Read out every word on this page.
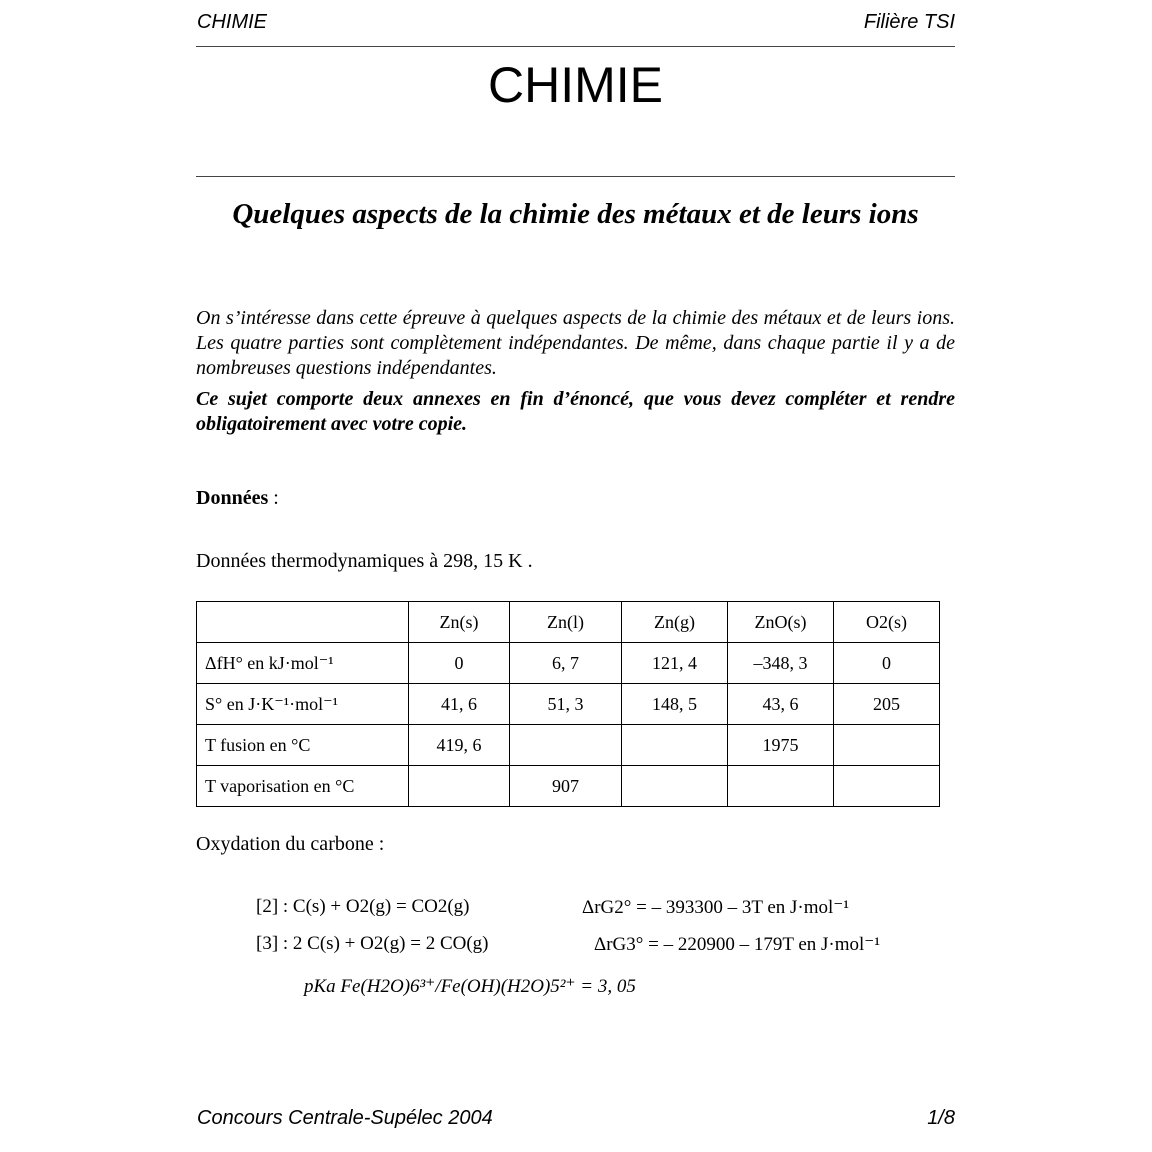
CHIMIE	Filière TSI
CHIMIE
Quelques aspects de la chimie des métaux et de leurs ions

On s’intéresse dans cette épreuve à quelques aspects de la chimie des métaux et de leurs ions. Les quatre parties sont complètement indépendantes. De même, dans chaque partie il y a de nombreuses questions indépendantes.

Ce sujet comporte deux annexes en fin d’énoncé, que vous devez compléter et rendre obligatoirement avec votre copie.
Données :
Données thermodynamiques à 298, 15 K .
	Zn(s)	Zn(l)	Zn(g)	ZnO(s)	O2(s)
ΔfH° en kJ·mol⁻¹	0	6, 7	121, 4	–348, 3	0
S° en J·K⁻¹·mol⁻¹	41, 6	51, 3	148, 5	43, 6	205
T fusion en °C	419, 6			1975	
T vaporisation en °C		907			
Oxydation du carbone :
[2] : C(s) + O2(g) = CO2(g)	ΔrG2° = – 393300 – 3T en J·mol⁻¹
[3] : 2 C(s) + O2(g) = 2 CO(g)	ΔrG3° = – 220900 – 179T en J·mol⁻¹
pKa Fe(H2O)6³⁺/Fe(OH)(H2O)5²⁺ = 3, 05
Concours Centrale-Supélec 2004	1/8
